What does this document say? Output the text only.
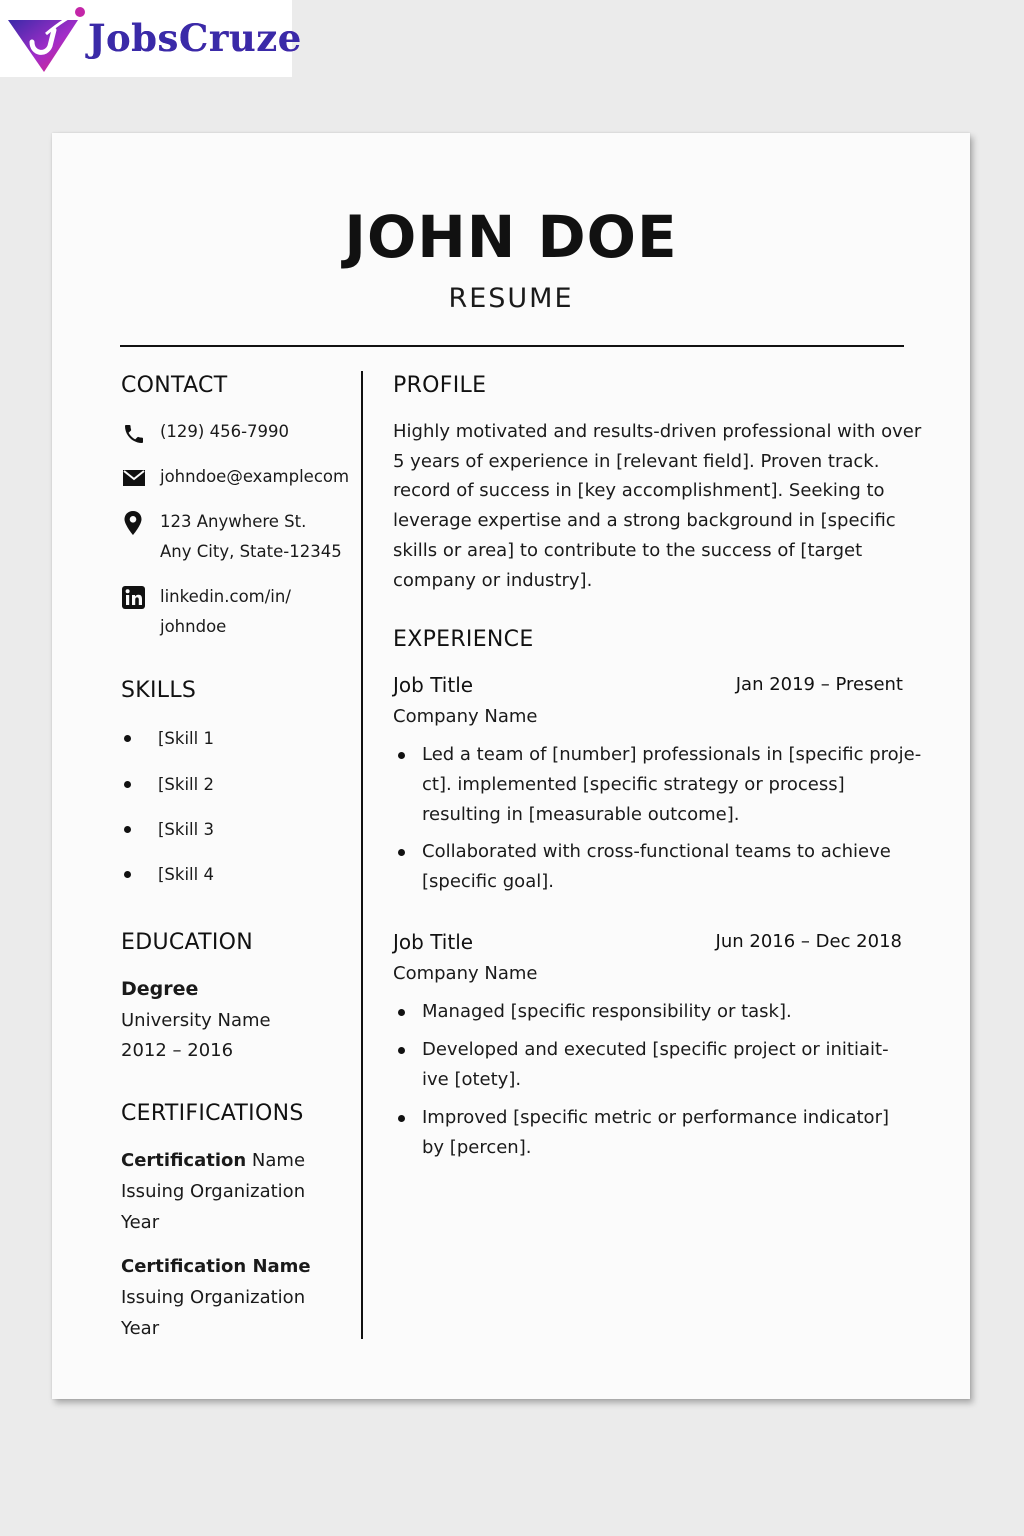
JobsCruze
JOHN DOE
RESUME
CONTACT
(129) 456-7990
johndoe@examplecom
123 Anywhere St.
Any City, State-12345
linkedin.com/in/
johndoe
SKILLS
[Skill 1
[Skill 2
[Skill 3
[Skill 4
EDUCATION
Degree
University Name
2012 – 2016
CERTIFICATIONS
Certification Name
Issuing Organization
Year
Certification Name
Issuing Organization
Year
PROFILE
Highly motivated and results-driven professional with over
5 years of experience in [relevant field]. Proven track.
record of success in [key accomplishment]. Seeking to
leverage expertise and a strong background in [specific
skills or area] to contribute to the success of [target
company or industry].
EXPERIENCE
Job Title	Jan 2019 – Present
Company Name
Led a team of [number] professionals in [specific proje-
ct]. implemented [specific strategy or process]
resulting in [measurable outcome].
Collaborated with cross-functional teams to achieve
[specific goal].
Job Title	Jun 2016 – Dec 2018
Company Name
Managed [specific responsibility or task].
Developed and executed [specific project or initiait-
ive [otety].
Improved [specific metric or performance indicator]
by [percen].
